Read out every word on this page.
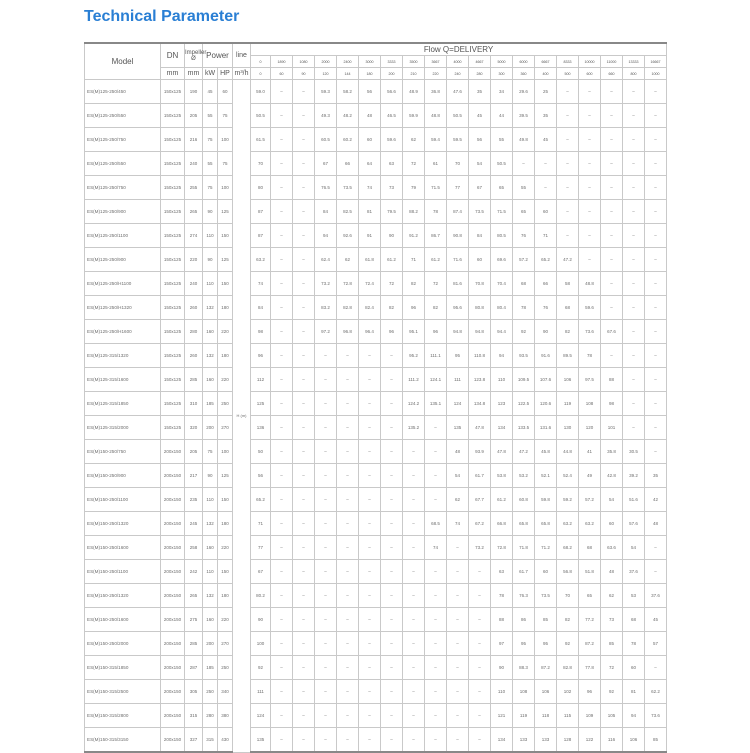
Technical Parameter
Model	DN	Impeller Ø	Power		line	Flow Q=DELIVERY																		
						0	1890	1080	2000	2400	3000	3333	3500	3667	4000	4667	5000	6000	6667	8333	10000	11000	13333	16667
	mm	mm	kW	HP	m³/h	0	60	90	120	144	180	200	210	220	240	280	300	360	400	500	600	660	800	1000
ES(M)125-250/450	150x125	190	45	60	H (m)	59.0	–	–	59.3	58.2	56	56.6	48.9	36.8	47.6	35	34	29.6	25	–	–	–	–	–
ES(M)125-250/550	150x125	205	55	75		50.5	–	–	49.3	48.2	48	46.5	59.9	48.8	50.5	45	44	39.5	35	–	–	–	–	–
ES(M)125-250/750	150x125	216	75	100		61.5	–	–	60.5	60.2	60	59.6	62	59.4	59.5	56	55	49.8	45	–	–	–	–	–
ES(M)125-250/550	150x125	240	55	75		70	–	–	67	66	64	63	72	61	70	54	50.5	–	–	–	–	–	–	–
ES(M)125-250/750	150x125	255	75	100		80	–	–	76.5	73.5	74	73	79	71.5	77	67	65	55	–	–	–	–	–	–
ES(M)125-250/900	150x125	265	90	125		87	–	–	84	82.5	81	79.5	88.2	78	87.4	73.5	71.5	65	60	–	–	–	–	–
ES(M)125-250/1100	150x125	274	110	150		87	–	–	94	92.6	91	90	91.2	86.7	90.8	84	80.5	76	71	–	–	–	–	–
ES(M)125-250/900	150x125	220	90	125		63.2	–	–	62.4	62	61.8	61.2	71	61.2	71.6	60	69.6	57.2	65.2	47.2	–	–	–	–
ES(M)125-250/H1100	150x125	240	110	150		74	–	–	73.2	72.8	72.4	72	82	72	81.6	70.8	70.4	68	66	58	48.8	–	–	–
ES(M)125-250/H1320	150x125	260	132	180		84	–	–	83.2	82.8	82.4	82	96	82	95.6	80.8	80.4	78	76	68	59.6	–	–	–
ES(M)125-250/H1600	150x125	280	160	220		98	–	–	97.2	96.8	96.4	96	95.1	96	94.8	94.8	94.4	92	90	82	73.6	67.6	–	–
ES(M)125-315/1320	150x125	260	132	180		96	–	–	–	–	–	–	95.2	111.1	95	110.8	94	93.5	91.6	89.5	78	–	–	–
ES(M)125-315/1600	150x125	285	160	220		112	–	–	–	–	–	–	111.2	124.1	111	123.8	110	109.5	107.6	106	97.5	88	–	–
ES(M)125-315/1850	150x125	310	185	250		125	–	–	–	–	–	–	124.2	135.1	124	134.8	123	122.5	120.6	119	108	98	–	–
ES(M)125-315/2000	150x125	320	200	270		136	–	–	–	–	–	–	135.2	–	135	47.8	134	133.5	131.6	130	120	101	–	–
ES(M)150-250/750	200x150	205	75	100		50	–	–	–	–	–	–	–	–	48	93.9	47.8	47.2	45.8	44.8	41	35.8	30.5	–
ES(M)150-250/900	200x150	217	90	125		56	–	–	–	–	–	–	–	–	54	61.7	53.8	53.2	52.1	52.4	49	42.8	39.2	35
ES(M)150-250/1100	200x150	235	110	150		65.2	–	–	–	–	–	–	–	–	62	67.7	61.2	60.8	59.8	59.2	57.2	54	51.6	42
ES(M)150-250/1320	200x150	245	132	180		71	–	–	–	–	–	–	–	68.5	74	67.2	66.8	65.8	65.8	63.2	63.2	60	57.6	48
ES(M)150-250/1600	200x150	258	160	220		77	–	–	–	–	–	–	–	74	–	73.2	72.8	71.8	71.2	68.2	68	63.6	54	–
ES(M)150-250/1100	200x150	242	110	150		67	–	–	–	–	–	–	–	–	–	–	63	61.7	60	56.8	51.8	48	37.6	–
ES(M)150-250/1320	200x150	265	132	180		80.2	–	–	–	–	–	–	–	–	–	–	78	76.3	73.5	70	65	62	53	37.6
ES(M)150-250/1600	200x150	275	160	220		90	–	–	–	–	–	–	–	–	–	–	88	86	85	82	77.2	73	68	45
ES(M)150-250/2000	200x150	285	200	270		100	–	–	–	–	–	–	–	–	–	–	97	95	95	92	87.2	85	78	57
ES(M)150-315/1850	200x150	287	185	250		92	–	–	–	–	–	–	–	–	–	–	90	88.3	87.2	82.8	77.8	72	60	–
ES(M)150-315/2500	200x150	305	250	340		111	–	–	–	–	–	–	–	–	–	–	110	108	106	102	96	92	81	62.2
ES(M)150-315/2800	200x150	315	280	380		124	–	–	–	–	–	–	–	–	–	–	121	119	118	115	109	105	94	73.6
ES(M)150-315/3150	200x150	327	315	430		135	–	–	–	–	–	–	–	–	–	–	134	133	133	128	122	116	106	85
